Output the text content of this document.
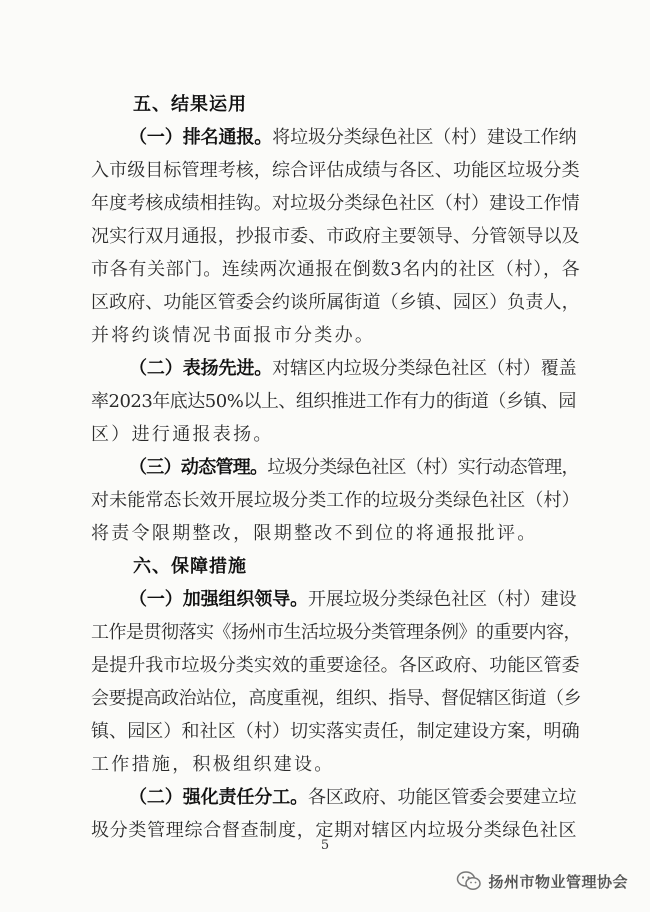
五、结果运用
（一）排名通报。将垃圾分类绿色社区（村）建设工作纳
入市级目标管理考核，综合评估成绩与各区、功能区垃圾分类
年度考核成绩相挂钩。对垃圾分类绿色社区（村）建设工作情
况实行双月通报，抄报市委、市政府主要领导、分管领导以及
市各有关部门。连续两次通报在倒数3名内的社区（村），各
区政府、功能区管委会约谈所属街道（乡镇、园区）负责人，
并将约谈情况书面报市分类办。
（二）表扬先进。对辖区内垃圾分类绿色社区（村）覆盖
率2023年底达50%以上、组织推进工作有力的街道（乡镇、园
区）进行通报表扬。
（三）动态管理。垃圾分类绿色社区（村）实行动态管理，
对未能常态长效开展垃圾分类工作的垃圾分类绿色社区（村）
将责令限期整改，限期整改不到位的将通报批评。
六、保障措施
（一）加强组织领导。开展垃圾分类绿色社区（村）建设
工作是贯彻落实《扬州市生活垃圾分类管理条例》的重要内容，
是提升我市垃圾分类实效的重要途径。各区政府、功能区管委
会要提高政治站位，高度重视，组织、指导、督促辖区街道（乡
镇、园区）和社区（村）切实落实责任，制定建设方案，明确
工作措施，积极组织建设。
（二）强化责任分工。各区政府、功能区管委会要建立垃
圾分类管理综合督查制度，定期对辖区内垃圾分类绿色社区
5
扬州市物业管理协会
